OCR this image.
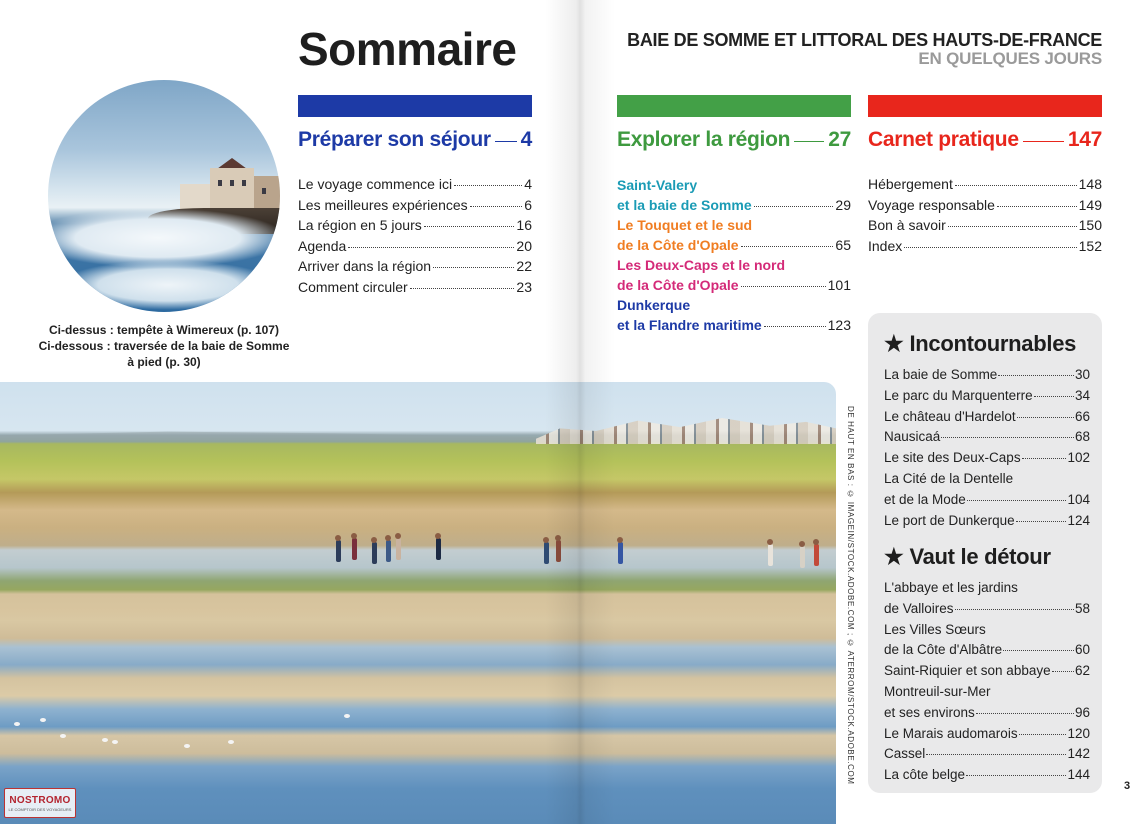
Sommaire	BAIE DE SOMME ET LITTORAL DES HAUTS-DE-FRANCE
EN QUELQUES JOURS
Préparer son séjour 4
Le voyage commence ici	4
Les meilleures expériences	6
La région en 5 jours	16
Agenda	20
Arriver dans la région	22
Comment circuler	23
Explorer la région 27
Saint-Valery
et la baie de Somme	29
Le Touquet et le sud
de la Côte d'Opale	65
Les Deux-Caps et le nord
de la Côte d'Opale	101
Dunkerque
et la Flandre maritime	123
Carnet pratique 147
Hébergement	148
Voyage responsable	149
Bon à savoir	150
Index	152
Ci-dessus : tempête à Wimereux (p. 107)
Ci-dessous : traversée de la baie de Somme
à pied (p. 30)
DE HAUT EN BAS : © IMAGEIN/STOCK.ADOBE.COM ; © ATERROM/STOCK.ADOBE.COM
NOSTROMO
LE COMPTOIR DES VOYAGEURS
★ Incontournables
La baie de Somme	30
Le parc du Marquenterre	34
Le château d'Hardelot	66
Nausicaá	68
Le site des Deux-Caps	102
La Cité de la Dentelle
et de la Mode	104
Le port de Dunkerque	124
★ Vaut le détour
L'abbaye et les jardins
de Valloires	58
Les Villes Sœurs
de la Côte d'Albâtre	60
Saint-Riquier et son abbaye 62
Montreuil-sur-Mer
et ses environs	96
Le Marais audomarois	120
Cassel	142
La côte belge	144
3
